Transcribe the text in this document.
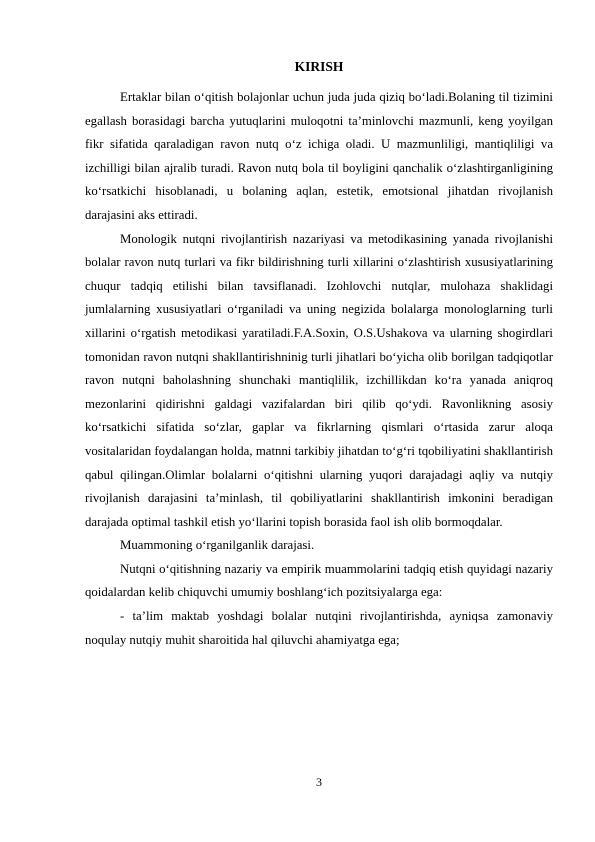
KIRISH

Ertaklar bilan o‘qitish bolajonlar uchun juda juda qiziq bo‘ladi.Bolaning til tizimini egallash borasidagi barcha yutuqlarini muloqotni ta’minlovchi mazmunli, keng yoyilgan fikr sifatida qaraladigan ravon nutq o‘z ichiga oladi. U mazmunliligi, mantiqliligi va izchilligi bilan ajralib turadi. Ravon nutq bola til boyligini qanchalik o‘zlashtirganligining ko‘rsatkichi hisoblanadi, u bolaning aqlan, estetik, emotsional jihatdan rivojlanish darajasini aks ettiradi.

Monologik nutqni rivojlantirish nazariyasi va metodikasining yanada rivojlanishi bolalar ravon nutq turlari va fikr bildirishning turli xillarini o‘zlashtirish xususiyatlarining chuqur tadqiq etilishi bilan tavsiflanadi. Izohlovchi nutqlar, mulohaza shaklidagi jumlalarning xususiyatlari o‘rganiladi va uning negizida bolalarga monologlarning turli xillarini o‘rgatish metodikasi yaratiladi.F.A.Soxin, O.S.Ushakova va ularning shogirdlari tomonidan ravon nutqni shakllantirishninig turli jihatlari bo‘yicha olib borilgan tadqiqotlar ravon nutqni baholashning shunchaki mantiqlilik, izchillikdan ko‘ra yanada aniqroq mezonlarini qidirishni galdagi vazifalardan biri qilib qo‘ydi. Ravonlikning asosiy ko‘rsatkichi sifatida so‘zlar, gaplar va fikrlarning qismlari o‘rtasida zarur aloqa vositalaridan foydalangan holda, matnni tarkibiy jihatdan to‘g‘ri tqobiliyatini shakllantirish qabul qilingan.Olimlar bolalarni o‘qitishni ularning yuqori darajadagi aqliy va nutqiy rivojlanish darajasini ta’minlash, til qobiliyatlarini shakllantirish imkonini beradigan darajada optimal tashkil etish yo‘llarini topish borasida faol ish olib bormoqdalar.

Muammoning o‘rganilganlik darajasi.

Nutqni o‘qitishning nazariy va empirik muammolarini tadqiq etish quyidagi nazariy qoidalardan kelib chiquvchi umumiy boshlang‘ich pozitsiyalarga ega:

- ta’lim maktab yoshdagi bolalar nutqini rivojlantirishda, ayniqsa zamonaviy noqulay nutqiy muhit sharoitida hal qiluvchi ahamiyatga ega;

3
